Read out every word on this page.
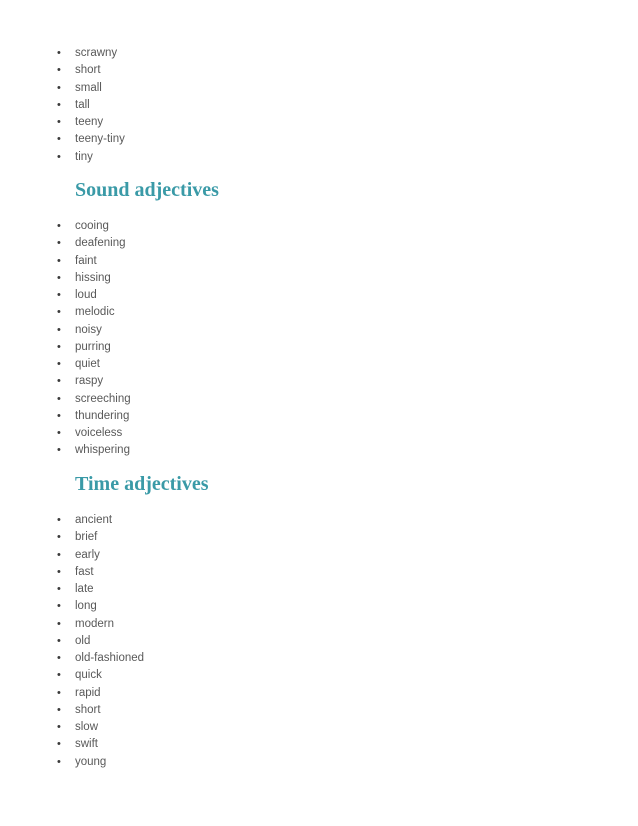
•	scrawny
•	short
•	small
•	tall
•	teeny
•	teeny-tiny
•	tiny
Sound adjectives
•	cooing
•	deafening
•	faint
•	hissing
•	loud
•	melodic
•	noisy
•	purring
•	quiet
•	raspy
•	screeching
•	thundering
•	voiceless
•	whispering
Time adjectives
•	ancient
•	brief
•	early
•	fast
•	late
•	long
•	modern
•	old
•	old-fashioned
•	quick
•	rapid
•	short
•	slow
•	swift
•	young
